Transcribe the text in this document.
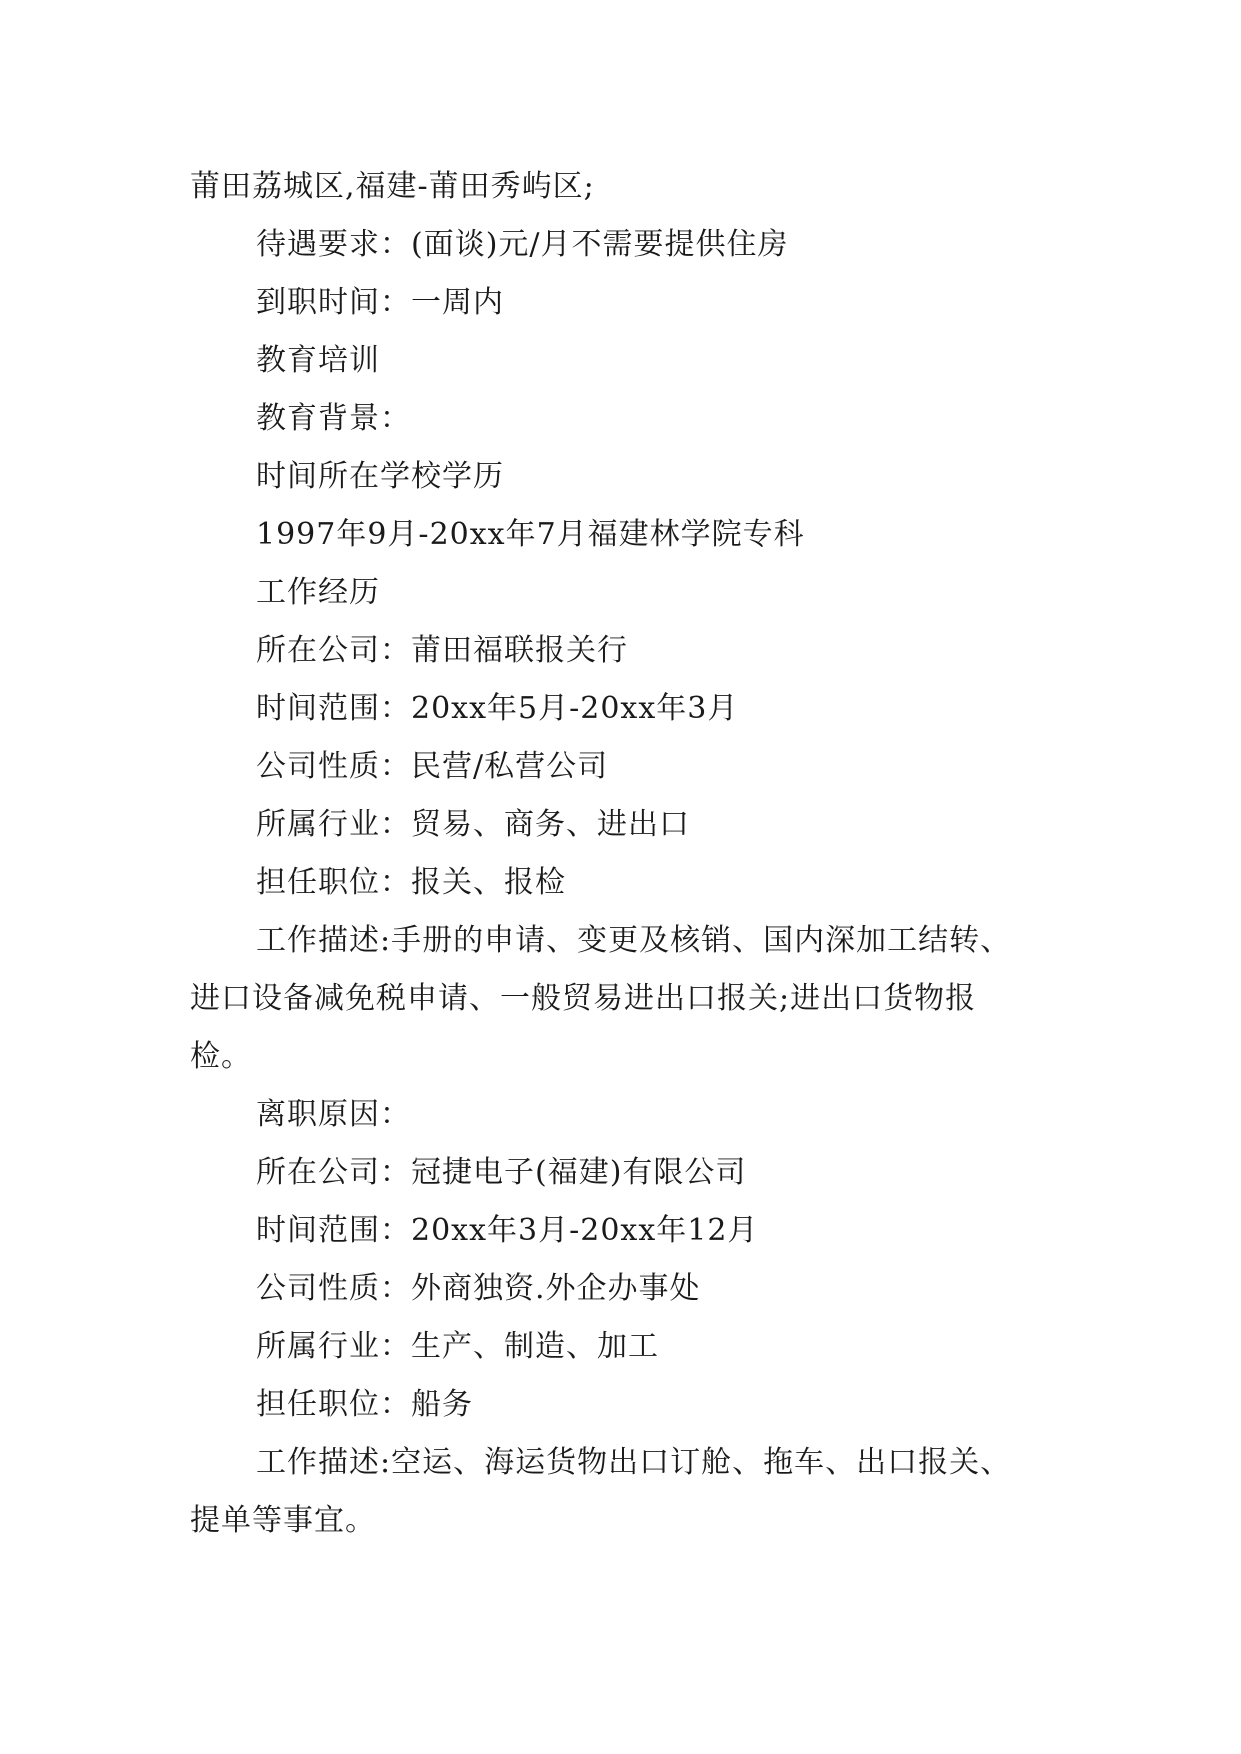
莆田荔城区,福建-莆田秀屿区;
待遇要求：(面谈)元/月不需要提供住房
到职时间：一周内
教育培训
教育背景：
时间所在学校学历
1997年9月-20xx年7月福建林学院专科
工作经历
所在公司：莆田福联报关行
时间范围：20xx年5月-20xx年3月
公司性质：民营/私营公司
所属行业：贸易、商务、进出口
担任职位：报关、报检
工作描述:手册的申请、变更及核销、国内深加工结转、
进口设备减免税申请、一般贸易进出口报关;进出口货物报
检。
离职原因：
所在公司：冠捷电子(福建)有限公司
时间范围：20xx年3月-20xx年12月
公司性质：外商独资.外企办事处
所属行业：生产、制造、加工
担任职位：船务
工作描述:空运、海运货物出口订舱、拖车、出口报关、
提单等事宜。
